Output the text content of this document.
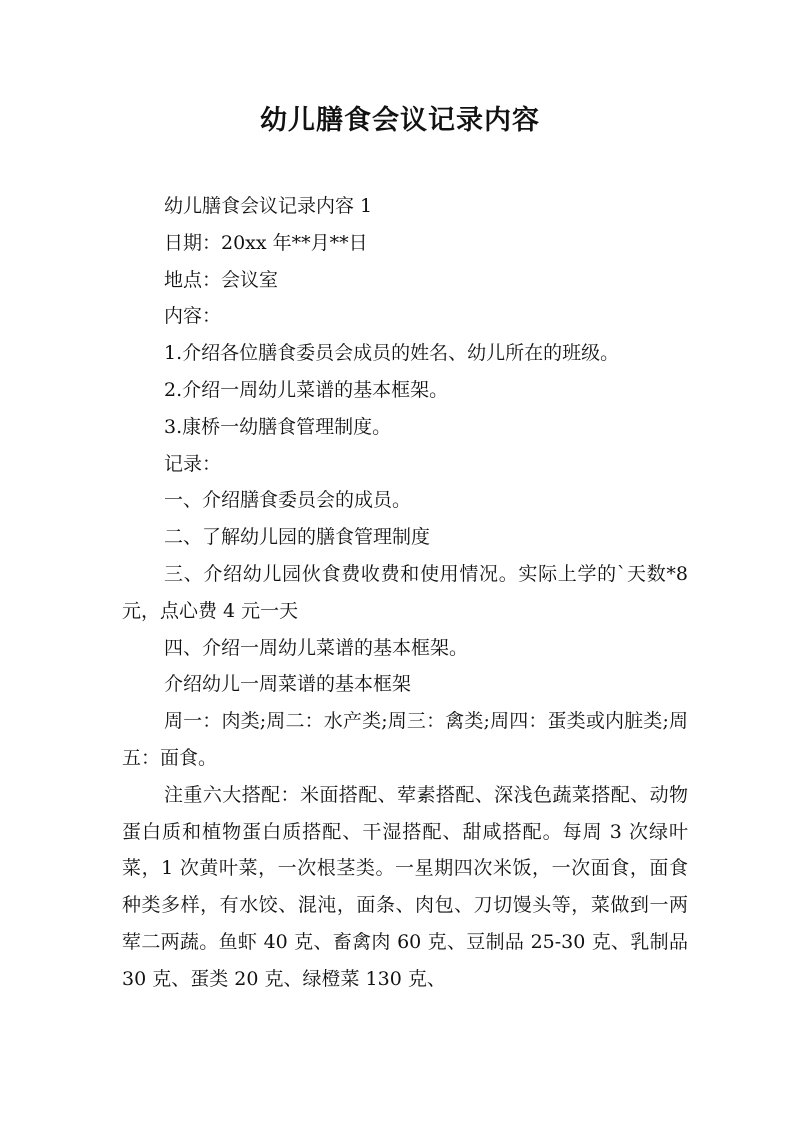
幼儿膳食会议记录内容

幼儿膳食会议记录内容 1

日期：20xx 年**月**日

地点：会议室

内容：

1.介绍各位膳食委员会成员的姓名、幼儿所在的班级。

2.介绍一周幼儿菜谱的基本框架。

3.康桥一幼膳食管理制度。

记录：

一、介绍膳食委员会的成员。

二、了解幼儿园的膳食管理制度

三、介绍幼儿园伙食费收费和使用情况。实际上学的`天数*8 元，点心费 4 元一天

四、介绍一周幼儿菜谱的基本框架。

介绍幼儿一周菜谱的基本框架

周一：肉类;周二：水产类;周三：禽类;周四：蛋类或内脏类;周五：面食。

注重六大搭配：米面搭配、荤素搭配、深浅色蔬菜搭配、动物蛋白质和植物蛋白质搭配、干湿搭配、甜咸搭配。每周 3 次绿叶菜，1 次黄叶菜，一次根茎类。一星期四次米饭，一次面食，面食种类多样，有水饺、混沌，面条、肉包、刀切馒头等，菜做到一两荤二两蔬。鱼虾 40 克、畜禽肉 60 克、豆制品 25-30 克、乳制品 30 克、蛋类 20 克、绿橙菜 130 克、
